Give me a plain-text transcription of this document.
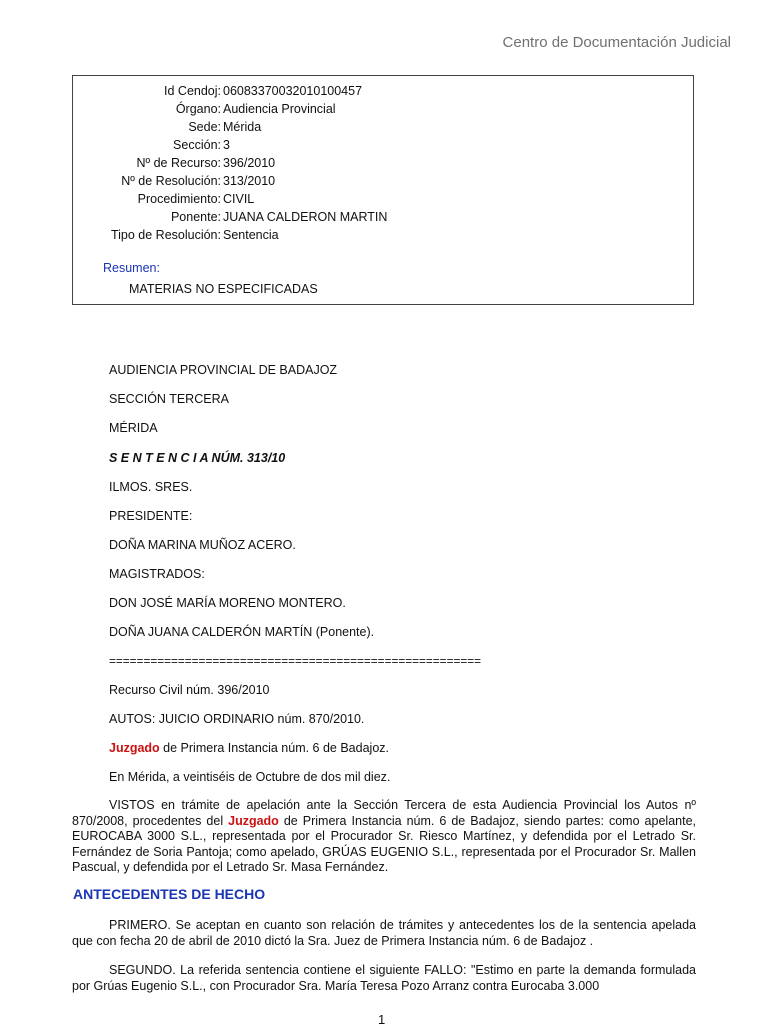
Centro de Documentación Judicial
Id Cendoj: 06083370032010100457
Órgano: Audiencia Provincial
Sede: Mérida
Sección: 3
Nº de Recurso: 396/2010
Nº de Resolución: 313/2010
Procedimiento: CIVIL
Ponente: JUANA CALDERON MARTIN
Tipo de Resolución: Sentencia
Resumen:
MATERIAS NO ESPECIFICADAS
AUDIENCIA PROVINCIAL DE BADAJOZ
SECCIÓN TERCERA
MÉRIDA
S E N T E N C I A NÚM. 313/10
ILMOS. SRES.
PRESIDENTE:
DOÑA MARINA MUÑOZ ACERO.
MAGISTRADOS:
DON JOSÉ MARÍA MORENO MONTERO.
DOÑA JUANA CALDERÓN MARTÍN (Ponente).
======================================================
Recurso Civil núm. 396/2010
AUTOS: JUICIO ORDINARIO núm. 870/2010.
Juzgado de Primera Instancia núm. 6 de Badajoz.
En Mérida, a veintiséis de Octubre de dos mil diez.
VISTOS en trámite de apelación ante la Sección Tercera de esta Audiencia Provincial los Autos nº 870/2008, procedentes del Juzgado de Primera Instancia núm. 6 de Badajoz, siendo partes: como apelante, EUROCABA 3000 S.L., representada por el Procurador Sr. Riesco Martínez, y defendida por el Letrado Sr. Fernández de Soria Pantoja; como apelado, GRÚAS EUGENIO S.L., representada por el Procurador Sr. Mallen Pascual, y defendida por el Letrado Sr. Masa Fernández.
ANTECEDENTES DE HECHO
PRIMERO. Se aceptan en cuanto son relación de trámites y antecedentes los de la sentencia apelada que con fecha 20 de abril de 2010 dictó la Sra. Juez de Primera Instancia núm. 6 de Badajoz .
SEGUNDO. La referida sentencia contiene el siguiente FALLO: "Estimo en parte la demanda formulada por Grúas Eugenio S.L., con Procurador Sra. María Teresa Pozo Arranz contra Eurocaba 3.000
1
